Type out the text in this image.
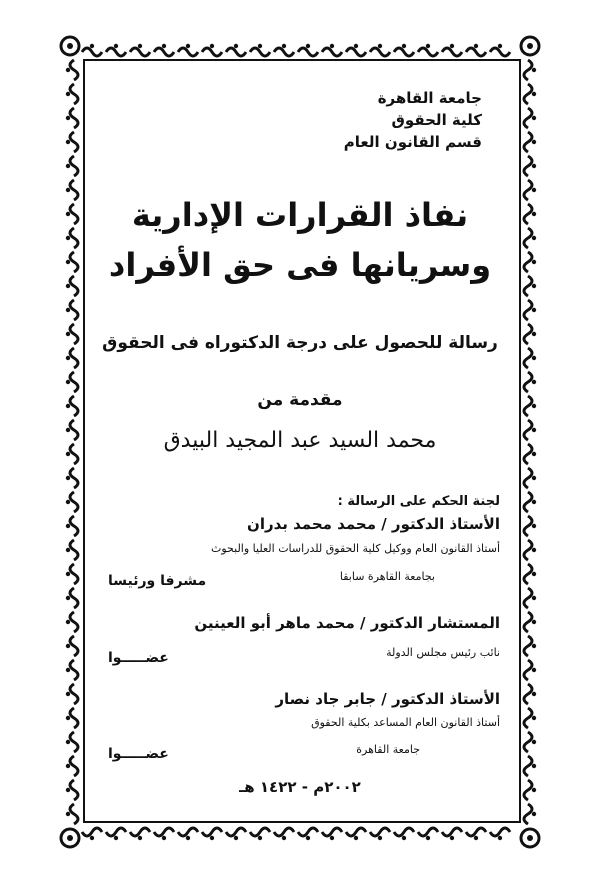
جامعة القاهرة
كلية الحقوق
قسم القانون العام
نفاذ القرارات الإدارية
وسريانها فى حق الأفراد
رسالة للحصول على درجة الدكتوراه فى الحقوق
مقدمة من
محمد السيد عبد المجيد البيدق
لجنة الحكم على الرسالة :
الأستاذ الدكتور / محمد محمد بدران
أستاذ القانون العام ووكيل كلية الحقوق للدراسات العليا والبحوث
بجامعة القاهرة سابقا
مشرفا ورئيسا
المستشار الدكتور / محمد ماهر أبو العينين
نائب رئيس مجلس الدولة
عضـــــوا
الأستاذ الدكتور / جابر جاد نصار
أستاذ القانون العام المساعد بكلية الحقوق
جامعة القاهرة
عضـــــوا
٢٠٠٢م - ١٤٢٢ هـ
